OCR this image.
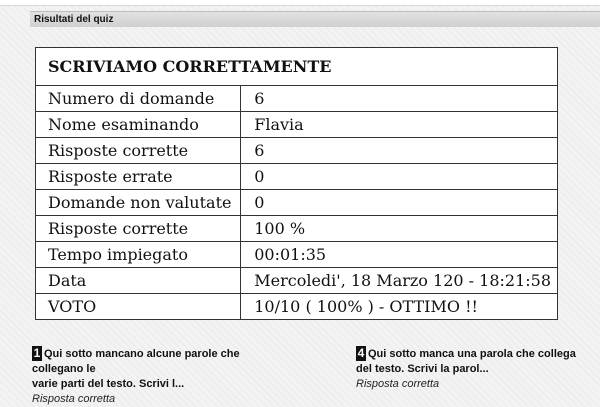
Risultati del quiz
SCRIVIAMO CORRETTAMENTE	
Numero di domande	6
Nome esaminando	Flavia
Risposte corrette	6
Risposte errate	0
Domande non valutate	0
Risposte corrette	100 %
Tempo impiegato	00:01:35
Data	Mercoledi', 18 Marzo 120 - 18:21:58
VOTO	10/10 ( 100% ) - OTTIMO !!
1 Qui sotto mancano alcune parole che collegano le
varie parti del testo. Scrivi l...
Risposta corretta
4 Qui sotto manca una parola che collega
del testo. Scrivi la parol...
Risposta corretta
